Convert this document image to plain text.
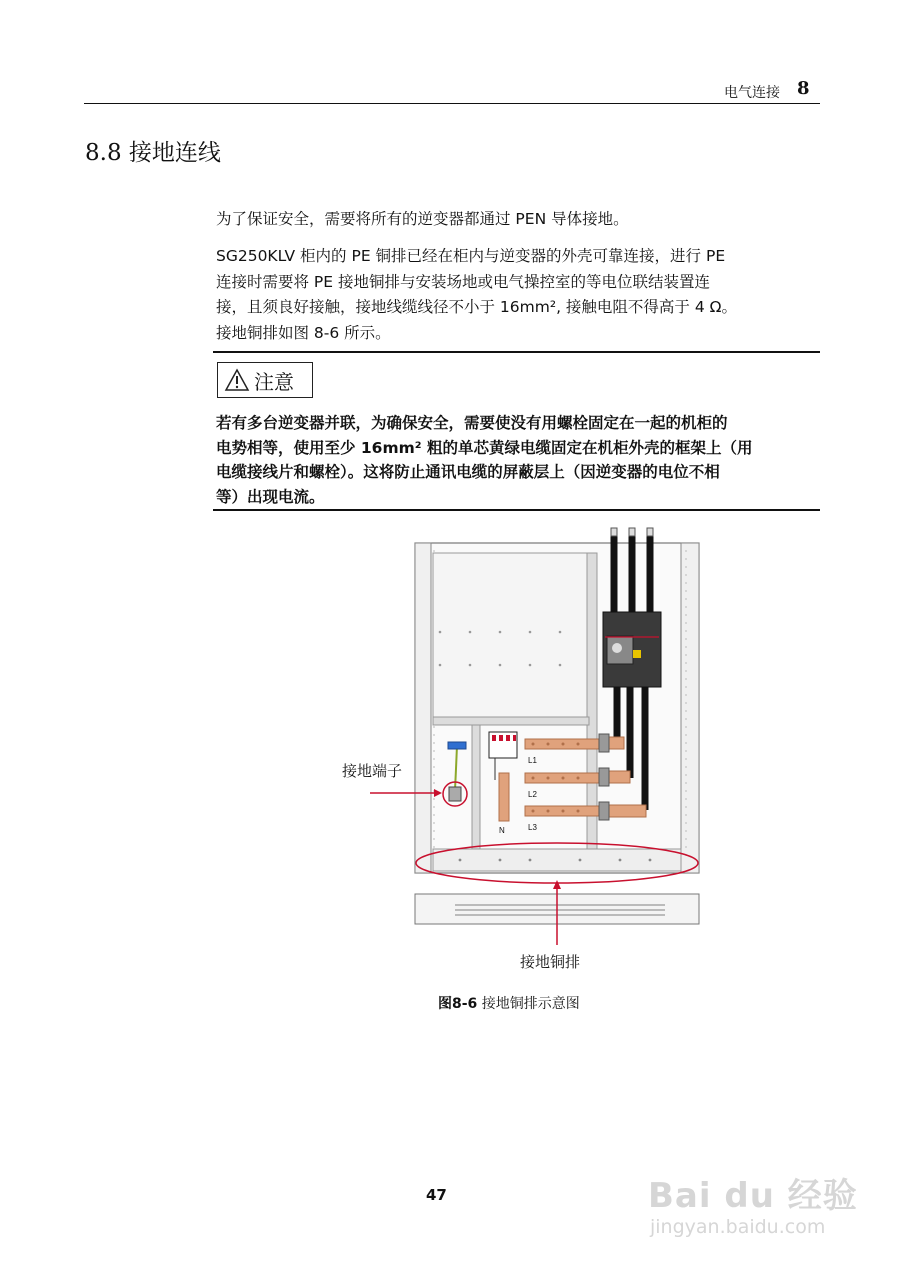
电气连接 8
8.8 接地连线

为了保证安全，需要将所有的逆变器都通过 PEN 导体接地。

SG250KLV 柜内的 PE 铜排已经在柜内与逆变器的外壳可靠连接，进行 PE

连接时需要将 PE 接地铜排与安装场地或电气操控室的等电位联结装置连

接，且须良好接触，接地线缆线径不小于 16mm², 接触电阻不得高于 4 Ω。

接地铜排如图 8-6 所示。

注意

若有多台逆变器并联，为确保安全，需要使没有用螺栓固定在一起的机柜的

电势相等，使用至少 16mm² 粗的单芯黄绿电缆固定在机柜外壳的框架上（用

电缆接线片和螺栓）。这将防止通讯电缆的屏蔽层上（因逆变器的电位不相

等）出现电流。

L1
L2
L3
N
接地端子
接地铜排
图8-6 接地铜排示意图
47	Bai du 经验
jingyan.baidu.com
